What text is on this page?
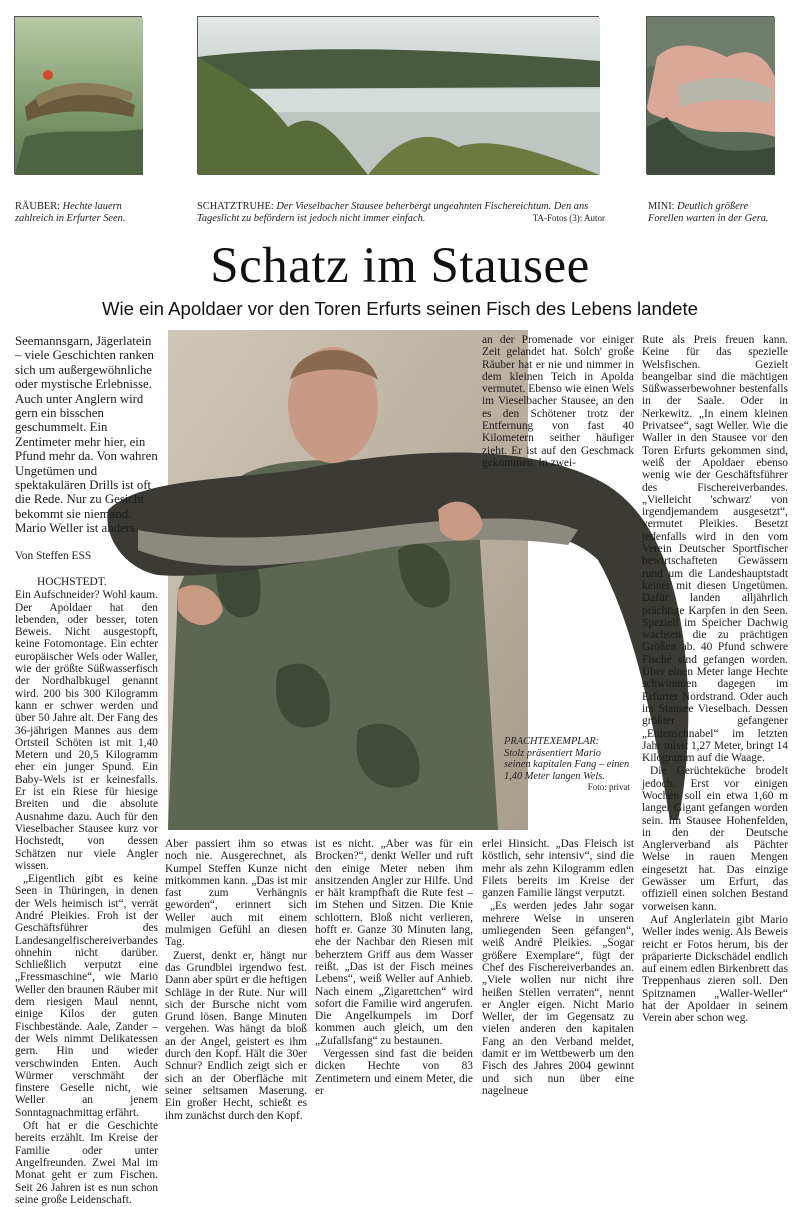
RÄUBER: Hechte lauern zahlreich in Erfurter Seen.
SCHATZTRUHE: Der Vieselbacher Stausee beherbergt ungeahnten Fischereichtum. Den ans Tageslicht zu befördern ist jedoch nicht immer einfach.	TA-Fotos (3): Autor
MINI: Deutlich größere Forellen warten in der Gera.
Schatz im Stausee
Wie ein Apoldaer vor den Toren Erfurts seinen Fisch des Lebens landete
PRACHTEXEMPLAR:
Stolz präsentiert Mario seinen kapitalen Fang – einen 1,40 Meter langen Wels.
Foto: privat

Seemannsgarn, Jägerlatein – viele Geschichten ranken sich um außergewöhnliche oder mystische Erlebnisse. Auch unter Anglern wird gern ein bisschen geschummelt. Ein Zentimeter mehr hier, ein Pfund mehr da. Von wahren Ungetümen und spektakulären Drills ist oft die Rede. Nur zu Gesicht bekommt sie niemand. Mario Weller ist anders.

Von Steffen ESS

HOCHSTEDT.

Ein Aufschneider? Wohl kaum. Der Apoldaer hat den lebenden, oder besser, toten Beweis. Nicht ausgestopft, keine Fotomontage. Ein echter europäischer Wels oder Waller, wie der größte Süßwasserfisch der Nordhalbkugel genannt wird. 200 bis 300 Kilogramm kann er schwer werden und über 50 Jahre alt. Der Fang des 36-jährigen Mannes aus dem Ortsteil Schöten ist mit 1,40 Metern und 20,5 Kilogramm eher ein junger Spund. Ein Baby-Wels ist er keinesfalls. Er ist ein Riese für hiesige Breiten und die absolute Ausnahme dazu. Auch für den Vieselbacher Stausee kurz vor Hochstedt, von dessen Schätzen nur viele Angler wissen.

„Eigentlich gibt es keine Seen in Thüringen, in denen der Wels heimisch ist“, verrät André Pleikies. Froh ist der Geschäftsführer des Landesangelfischereiverbandes ohnehin nicht darüber. Schließlich verputzt eine „Fressmaschine“, wie Mario Weller den braunen Räuber mit dem riesigen Maul nennt, einige Kilos der guten Fischbestände. Aale, Zander – der Wels nimmt Delikatessen gern. Hin und wieder verschwinden Enten. Auch Würmer verschmäht der finstere Geselle nicht, wie Weller an jenem Sonntagnachmittag erfährt.

Oft hat er die Geschichte bereits erzählt. Im Kreise der Familie oder unter Angelfreunden. Zwei Mal im Monat geht er zum Fischen. Seit 26 Jahren ist es nun schon seine große Leidenschaft.

Aber passiert ihm so etwas noch nie. Ausgerechnet, als Kumpel Steffen Kunze nicht mitkommen kann. „Das ist mir fast zum Verhängnis geworden“, erinnert sich Weller auch mit einem mulmigen Gefühl an diesen Tag.

Zuerst, denkt er, hängt nur das Grundblei irgendwo fest. Dann aber spürt er die heftigen Schläge in der Rute. Nur will sich der Bursche nicht vom Grund lösen. Bange Minuten vergehen. Was hängt da bloß an der Angel, geistert es ihm durch den Kopf. Hält die 30er Schnur? Endlich zeigt sich er sich an der Oberfläche mit seiner seltsamen Maserung. Ein großer Hecht, schießt es ihm zunächst durch den Kopf.

ist es nicht. „Aber was für ein Brocken?“, denkt Weller und ruft den einige Meter neben ihm ansitzenden Angler zur Hilfe. Und er hält krampfhaft die Rute fest – im Stehen und Sitzen. Die Knie schlottern. Bloß nicht verlieren, hofft er. Ganze 30 Minuten lang, ehe der Nachbar den Riesen mit beherztem Griff aus dem Wasser reißt. „Das ist der Fisch meines Lebens“, weiß Weller auf Anhieb. Nach einem „Zigarettchen“ wird sofort die Familie wird angerufen. Die Angelkumpels im Dorf kommen auch gleich, um den „Zufallsfang“ zu bestaunen.

Vergessen sind fast die beiden dicken Hechte von 83 Zentimetern und einem Meter, die er

an der Promenade vor einiger Zeit gelandet hat. Solch' große Räuber hat er nie und nimmer in dem kleinen Teich in Apolda vermutet. Ebenso wie einen Wels im Vieselbacher Stausee, an den es den Schötener trotz der Entfernung von fast 40 Kilometern seither häufiger zieht. Er ist auf den Geschmack gekommen. In zwei-

erlei Hinsicht. „Das Fleisch ist köstlich, sehr intensiv“, sind die mehr als zehn Kilogramm edlen Filets bereits im Kreise der ganzen Familie längst verputzt.

„Es werden jedes Jahr sogar mehrere Welse in unseren umliegenden Seen gefangen“, weiß André Pleikies. „Sogar größere Exemplare“, fügt der Chef des Fischereiverbandes an. „Viele wollen nur nicht ihre heißen Stellen verraten“, nennt er Angler eigen. Nicht Mario Weller, der im Gegensatz zu vielen anderen den kapitalen Fang an den Verband meldet, damit er im Wettbewerb um den Fisch des Jahres 2004 gewinnt und sich nun über eine nagelneue

Rute als Preis freuen kann. Keine für das spezielle Welsfischen. Gezielt beangelbar sind die mächtigen Süßwasserbewohner bestenfalls in der Saale. Oder in Nerkewitz. „In einem kleinen Privatsee“, sagt Weller. Wie die Waller in den Stausee vor den Toren Erfurts gekommen sind, weiß der Apoldaer ebenso wenig wie der Geschäftsführer des Fischereiverbandes. „Vielleicht 'schwarz' von irgendjemandem ausgesetzt“, vermutet Pleikies. Besetzt jedenfalls wird in den vom Verein Deutscher Sportfischer bewirtschafteten Gewässern rund um die Landeshauptstadt keiner mit diesen Ungetümen. Dafür landen alljährlich prächtige Karpfen in den Seen. Speziell im Speicher Dachwig wachsen die zu prächtigen Größen ab. 40 Pfund schwere Fische sind gefangen worden. Über einen Meter lange Hechte schwimmen dagegen im Erfurter Nordstrand. Oder auch im Stausee Vieselbach. Dessen größter gefangener „Entenschnabel“ im letzten Jahr misst 1,27 Meter, bringt 14 Kilogramm auf die Waage.

Die Gerüchteküche brodelt jedoch. Erst vor einigen Wochen soll ein etwa 1,60 m langer Gigant gefangen worden sein. Im Stausee Hohenfelden, in den der Deutsche Anglerverband als Pächter Welse in rauen Mengen eingesetzt hat. Das einzige Gewässer um Erfurt, das offiziell einen solchen Bestand vorweisen kann.

Auf Anglerlatein gibt Mario Weller indes wenig. Als Beweis reicht er Fotos herum, bis der präparierte Dickschädel endlich auf einem edlen Birkenbrett das Treppenhaus zieren soll. Den Spitznamen „Waller-Weller“ hat der Apoldaer in seinem Verein aber schon weg.
